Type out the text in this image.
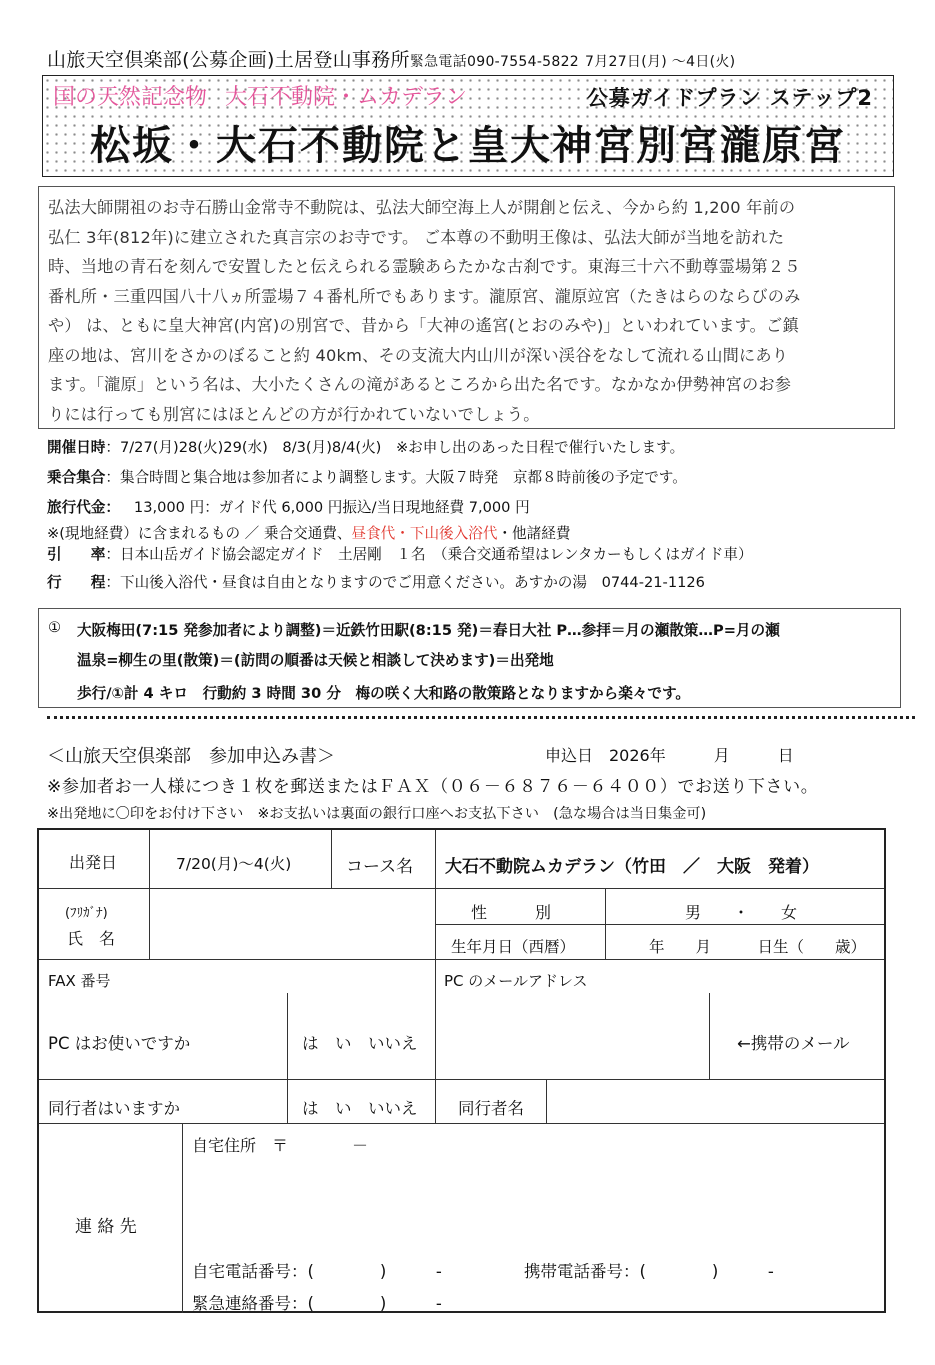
山旅天空倶楽部(公募企画)土居登山事務所緊急電話090-7554-5822 7月27日(月) ～4日(火)
国の天然記念物 大石不動院・ムカデラン	公募ガイドプラン ステップ2
松坂・大石不動院と皇大神宮別宮瀧原宮
弘法大師開祖のお寺石勝山金常寺不動院は、弘法大師空海上人が開創と伝え、今から約 1,200 年前の
弘仁 3年(812年)に建立された真言宗のお寺です。 ご本尊の不動明王像は、弘法大師が当地を訪れた
時、当地の青石を刻んで安置したと伝えられる霊験あらたかな古刹です。東海三十六不動尊霊場第２５
番札所・三重四国八十八ヵ所霊場７４番札所でもあります。瀧原宮、瀧原竝宮（たきはらのならびのみ
や） は、ともに皇大神宮(内宮)の別宮で、昔から「大神の遙宮(とおのみや)」といわれています。ご鎮
座の地は、宮川をさかのぼること約 40km、その支流大内山川が深い渓谷をなして流れる山間にあり
ます。「瀧原」という名は、大小たくさんの滝があるところから出た名です。なかなか伊勢神宮のお参
りには行っても別宮にはほとんどの方が行かれていないでしょう。
開催日時：7/27(月)28(火)29(水)　8/3(月)8/4(火)　※お申し出のあった日程で催行いたします。
乗合集合：集合時間と集合地は参加者により調整します。大阪７時発　京都８時前後の予定です。
旅行代金： 13,000 円：ガイド代 6,000 円振込/当日現地経費 7,000 円
※(現地経費）に含まれるもの ／ 乗合交通費、昼食代・下山後入浴代・他諸経費
引　　率：日本山岳ガイド協会認定ガイド　土居剛　１名　（乗合交通希望はレンタカーもしくはガイド車）
行　　程：下山後入浴代・昼食は自由となりますのでご用意ください。あすかの湯　0744-21-1126
① 大阪梅田(7:15 発参加者により調整)＝近鉄竹田駅(8:15 発)＝春日大社 P…参拝＝月の瀬散策…P=月の瀬
温泉=柳生の里(散策)＝(訪問の順番は天候と相談して決めます)＝出発地
歩行/①計 4 キロ　行動約 3 時間 30 分　梅の咲く大和路の散策路となりますから楽々です。
＜山旅天空倶楽部　参加申込み書＞	申込日　2026年　　　月　　　日
※参加者お一人様につき１枚を郵送またはＦＡＸ（０６－６８７６－６４００）でお送り下さい。
※出発地に〇印をお付け下さい　※お支払いは裏面の銀行口座へお支払下さい　(急な場合は当日集金可)
出発日	7/20(月)～4(火)	コース名 大石不動院ムカデラン（竹田　／　大阪　発着）
(ﾌﾘｶﾞﾅ)
氏　名
性　　　別	男　　・　　女
生年月日（西暦）	年　　月　　　日生（　　歳）
FAX 番号	PC のメールアドレス
PC はお使いですか	は　い　いいえ	←携帯のメール
同行者はいますか	は　い　いいえ 同行者名
連 絡 先
自宅住所　〒　　　　－
自宅電話番号：(　　　　)　　　-	携帯電話番号：(　　　　)　　　-
緊急連絡番号：(　　　　)　　　-
